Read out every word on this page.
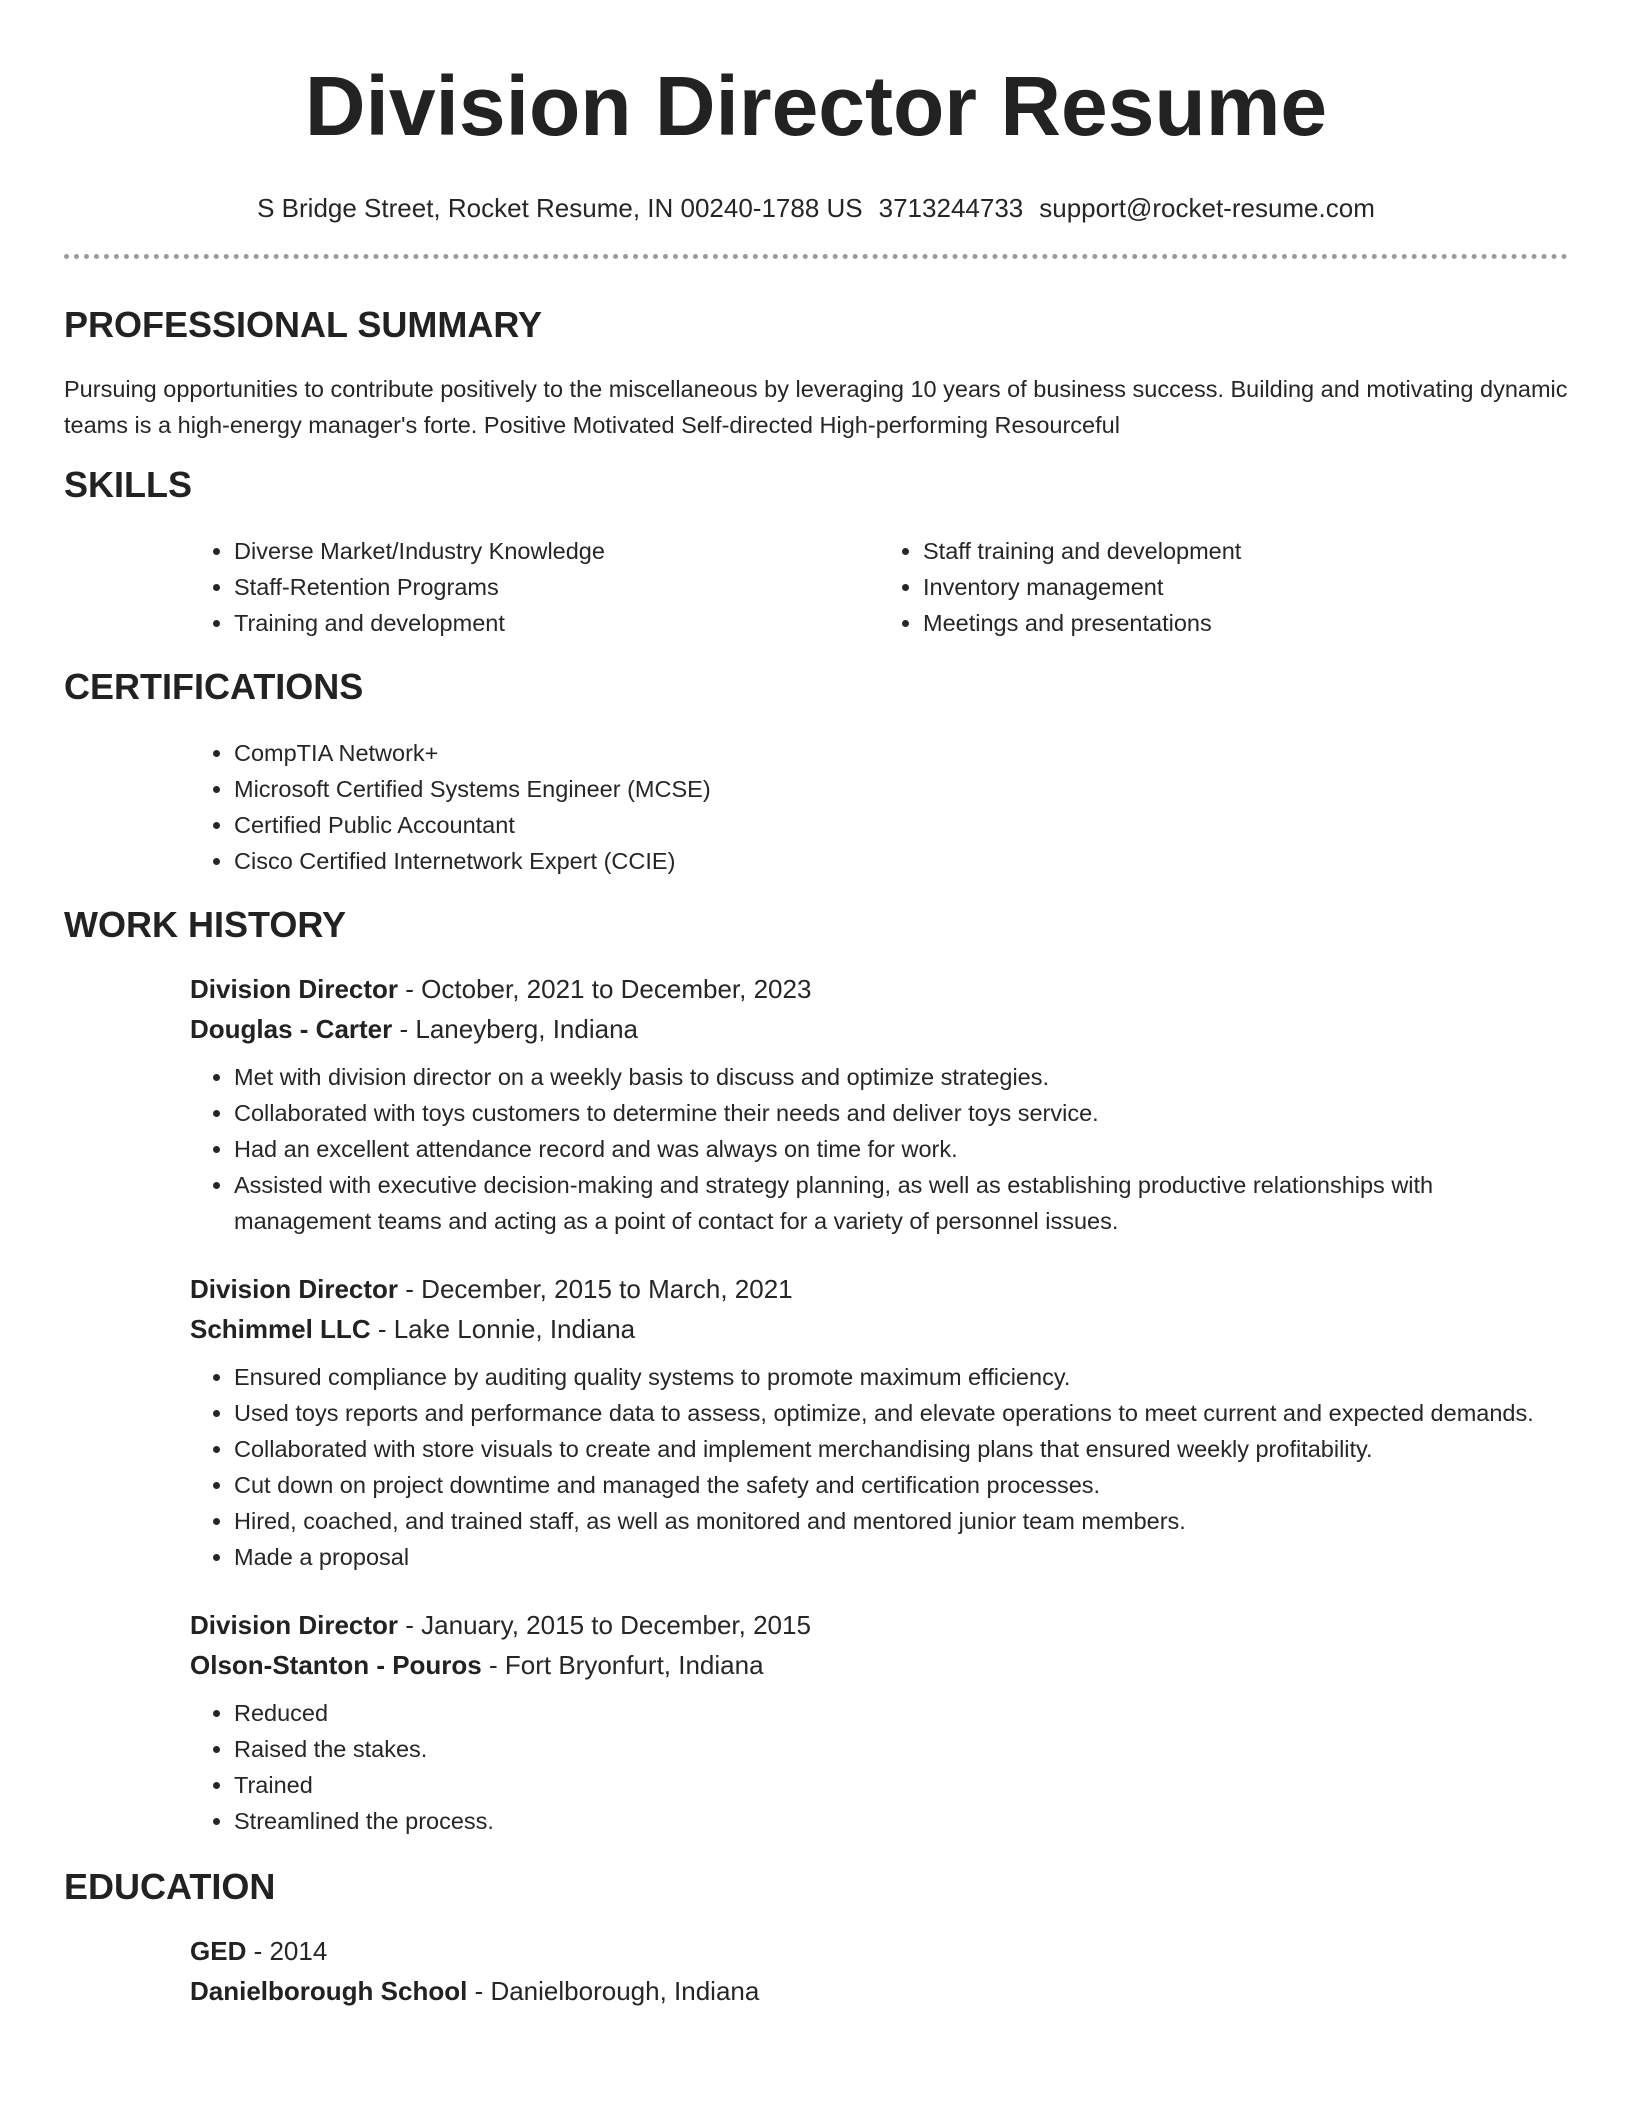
Division Director Resume
S Bridge Street, Rocket Resume, IN 00240-1788 US 3713244733 support@rocket-resume.com
PROFESSIONAL SUMMARY

Pursuing opportunities to contribute positively to the miscellaneous by leveraging 10 years of business success. Building and motivating dynamic teams is a high-energy manager's forte. Positive Motivated Self-directed High-performing Resourceful

SKILLS
• Diverse Market/Industry Knowledge
• Staff-Retention Programs
• Training and development
• Staff training and development
• Inventory management
• Meetings and presentations
CERTIFICATIONS
• CompTIA Network+
• Microsoft Certified Systems Engineer (MCSE)
• Certified Public Accountant
• Cisco Certified Internetwork Expert (CCIE)
WORK HISTORY
Division Director - October, 2021 to December, 2023
Douglas - Carter - Laneyberg, Indiana
• Met with division director on a weekly basis to discuss and optimize strategies.
• Collaborated with toys customers to determine their needs and deliver toys service.
• Had an excellent attendance record and was always on time for work.
• Assisted with executive decision-making and strategy planning, as well as establishing productive relationships with management teams and acting as a point of contact for a variety of personnel issues.
Division Director - December, 2015 to March, 2021
Schimmel LLC - Lake Lonnie, Indiana
• Ensured compliance by auditing quality systems to promote maximum efficiency.
• Used toys reports and performance data to assess, optimize, and elevate operations to meet current and expected demands.
• Collaborated with store visuals to create and implement merchandising plans that ensured weekly profitability.
• Cut down on project downtime and managed the safety and certification processes.
• Hired, coached, and trained staff, as well as monitored and mentored junior team members.
• Made a proposal
Division Director - January, 2015 to December, 2015
Olson-Stanton - Pouros - Fort Bryonfurt, Indiana
• Reduced
• Raised the stakes.
• Trained
• Streamlined the process.
EDUCATION
GED - 2014
Danielborough School - Danielborough, Indiana
